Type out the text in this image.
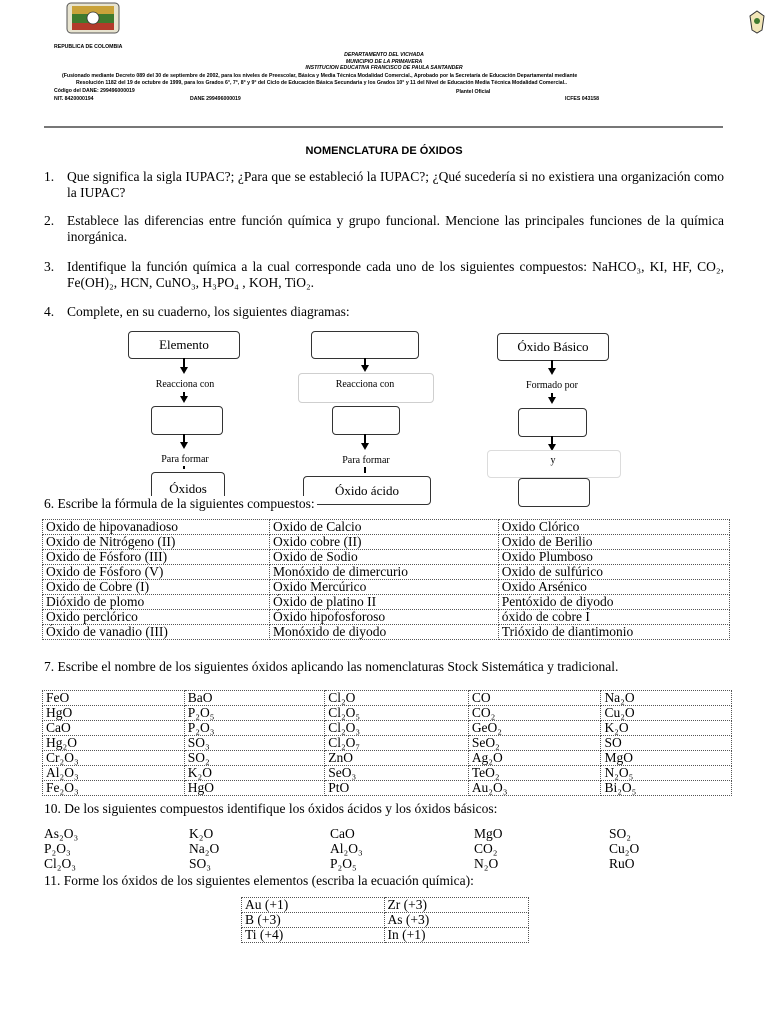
REPUBLICA DE COLOMBIA
DEPARTAMENTO DEL VICHADA
MUNICIPIO DE LA PRIMAVERA
INSTITUCION EDUCATIVA FRANCISCO DE PAULA SANTANDER
(Fusionado mediante Decreto 089 del 30 de septiembre de 2002, para los niveles de Preescolar, Básica y Media Técnica Modalidad Comercial., Aprobado por la Secretaría de Educación Departamental mediante
Resolución 1182 del 19 de octubre de 1999, para los Grados 6°, 7°, 8° y 9° del Ciclo de Educación Básica Secundaria y los Grados 10° y 11 del Nivel de Educación Media Técnica Modalidad Comercial..
Código del DANE: 299496000019
NIT. 8420000194	DANE 299496000019
Plantel Oficial
ICFES 043158
NOMENCLATURA DE ÓXIDOS
1. Que significa la sigla IUPAC?; ¿Para que se estableció la IUPAC?; ¿Qué sucedería si no existiera una organización como la IUPAC?
2. Establece las diferencias entre función química y grupo funcional. Mencione las principales funciones de la química inorgánica.
3. Identifique la función química a la cual corresponde cada uno de los siguientes compuestos: NaHCO₃, KI, HF, CO₂, Fe(OH)₂, HCN, CuNO₃, H₃PO₄ , KOH, TiO₂.
4. Complete, en su cuaderno, los siguientes diagramas:
Elemento
Reacciona con
Para formar
Óxidos
Reacciona con
Para formar
Óxido ácido
Óxido Básico
Formado por
y
6. Escribe la fórmula de la siguientes compuestos:
Oxido de hipovanadioso	Oxido de Calcio	Oxido Clórico
Oxido de Nitrógeno (II)	Oxido cobre (II)	Oxido de Berilio
Oxido de Fósforo (III)	Oxido de Sodio	Oxido Plumboso
Oxido de Fósforo (V)	Monóxido de dimercurio	Oxido de sulfúrico
Oxido de Cobre (I)	Oxido Mercúrico	Oxido Arsénico
Dióxido de plomo	Óxido de platino II	Pentóxido de diyodo
Oxido perclórico	Óxido hipofosforoso	óxido de cobre I
Óxido de vanadio (III)	Monóxido de diyodo	Trióxido de diantimonio
7. Escribe el nombre de los siguientes óxidos aplicando las nomenclaturas Stock Sistemática y tradicional.
FeO	BaO	Cl₂O	CO	Na₂O
HgO	P₂O₅	Cl₂O₅	CO₂	Cu₂O
CaO	P₂O₃	Cl₂O₃	GeO₂	K₂O
Hg₂O	SO₃	Cl₂O₇	SeO₂	SO
Cr₂O₃	SO₂	ZnO	Ag₂O	MgO
Al₂O₃	K₂O	SeO₃	TeO₂	N₂O₅
Fe₂O₃	HgO	PtO	Au₂O₃	Bi₂O₅
10. De los siguientes compuestos identifique los óxidos ácidos y los óxidos básicos:
As₂O₃	K₂O	CaO	MgO	SO₂
P₂O₃	Na₂O	Al₂O₃	CO₂	Cu₂O
Cl₂O₃	SO₃	P₂O₅	N₂O	RuO
11. Forme los óxidos de los siguientes elementos (escriba la ecuación química):
Au (+1)	Zr (+3)
B (+3)	As (+3)
Ti (+4)	In (+1)
